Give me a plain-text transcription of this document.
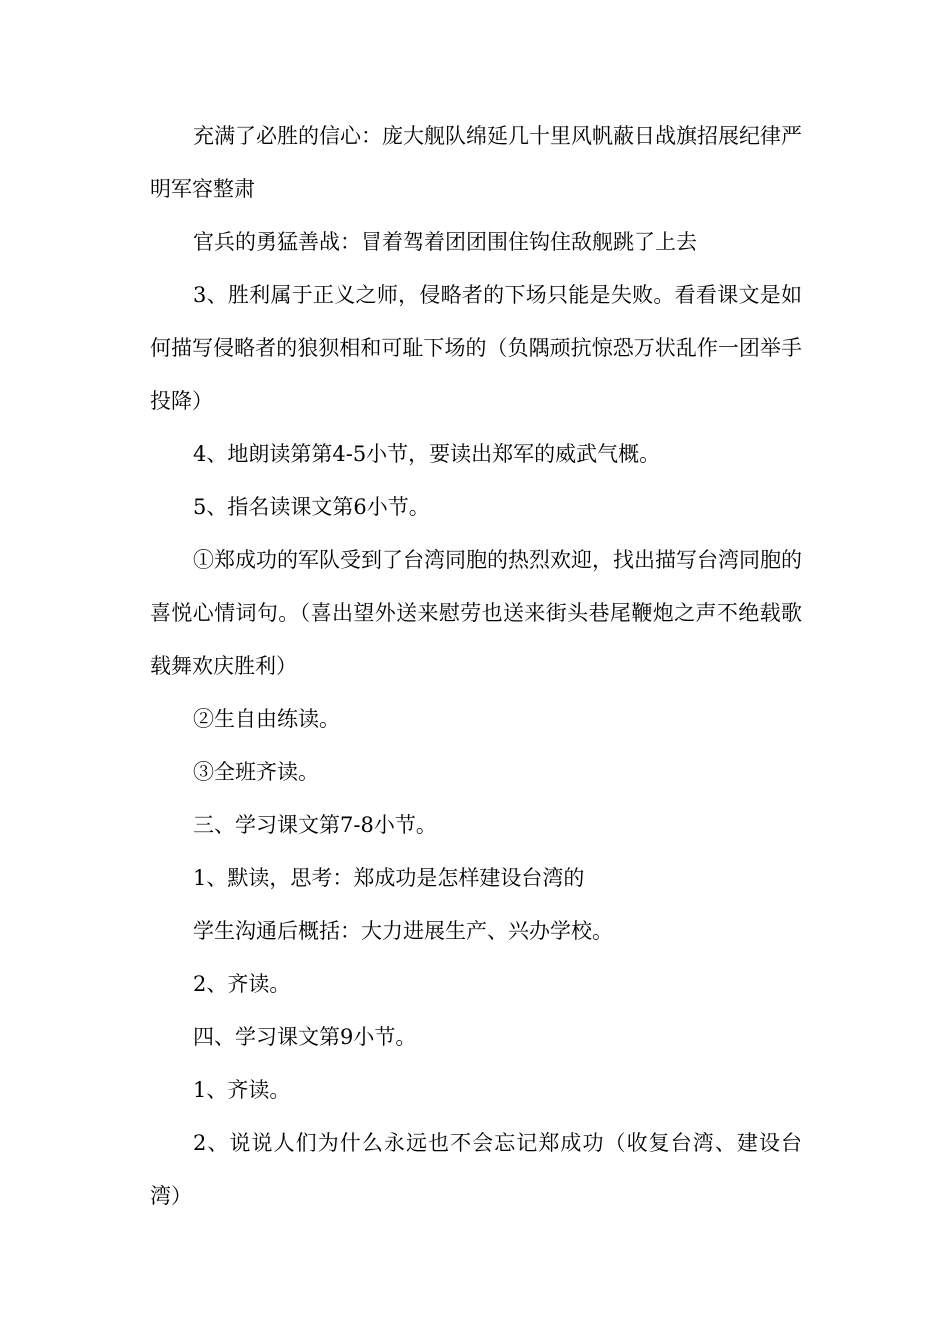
充满了必胜的信心：庞大舰队绵延几十里风帆蔽日战旗招展纪律严明军容整肃

官兵的勇猛善战：冒着驾着团团围住钩住敌舰跳了上去

3、胜利属于正义之师，侵略者的下场只能是失败。看看课文是如何描写侵略者的狼狈相和可耻下场的（负隅顽抗惊恐万状乱作一团举手投降）

4、地朗读第第4-5小节，要读出郑军的威武气概。

5、指名读课文第6小节。

①郑成功的军队受到了台湾同胞的热烈欢迎，找出描写台湾同胞的喜悦心情词句。（喜出望外送来慰劳也送来街头巷尾鞭炮之声不绝载歌载舞欢庆胜利）

②生自由练读。

③全班齐读。

三、学习课文第7-8小节。

1、默读，思考：郑成功是怎样建设台湾的

学生沟通后概括：大力进展生产、兴办学校。

2、齐读。

四、学习课文第9小节。

1、齐读。

2、说说人们为什么永远也不会忘记郑成功（收复台湾、建设台湾）
